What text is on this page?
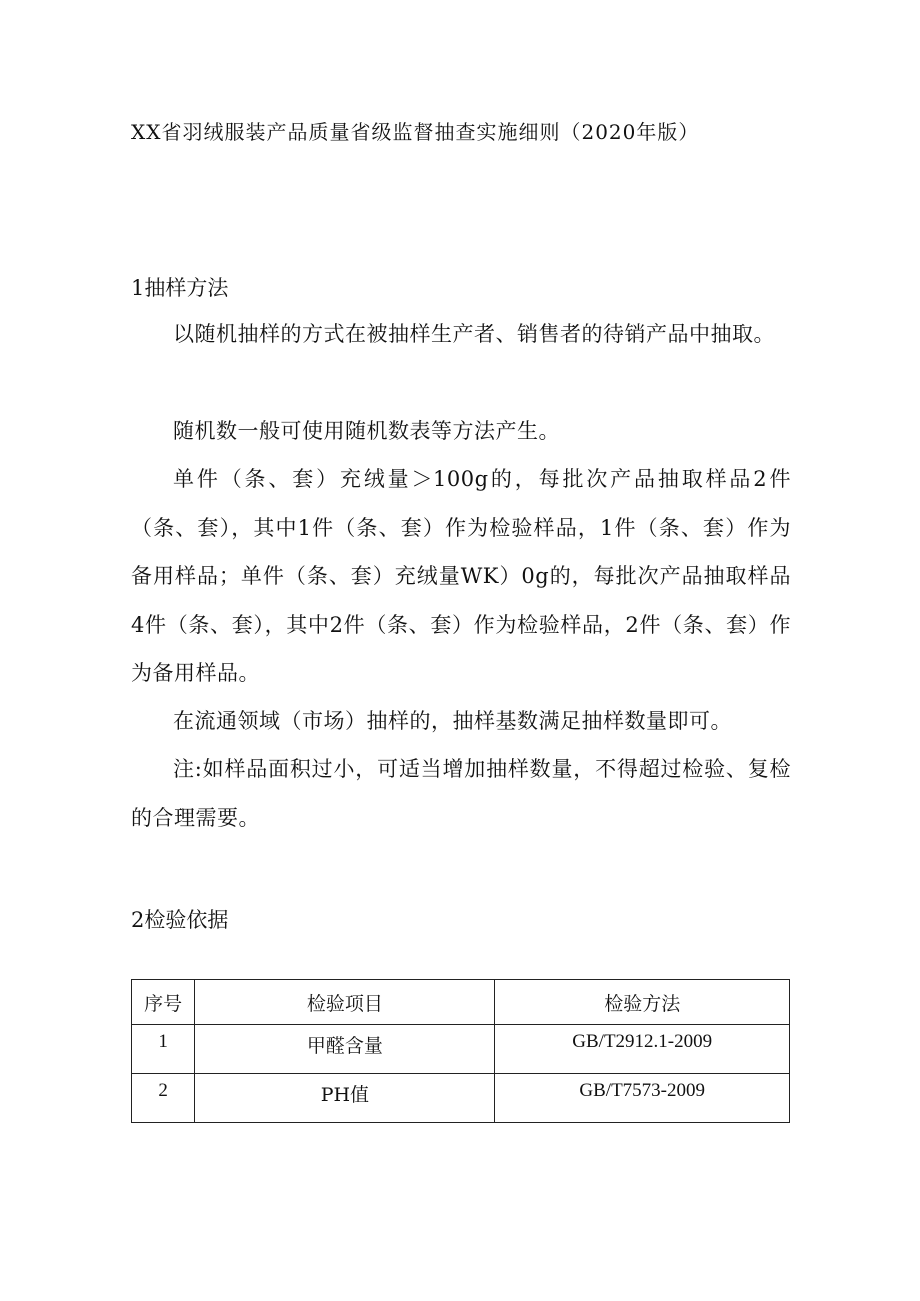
XX省羽绒服装产品质量省级监督抽查实施细则（2020年版）
1抽样方法

以随机抽样的方式在被抽样生产者、销售者的待销产品中抽取。

随机数一般可使用随机数表等方法产生。

单件（条、套）充绒量＞100g的，每批次产品抽取样品2件（条、套），其中1件（条、套）作为检验样品，1件（条、套）作为备用样品；单件（条、套）充绒量WK）0g的，每批次产品抽取样品4件（条、套），其中2件（条、套）作为检验样品，2件（条、套）作为备用样品。

在流通领域（市场）抽样的，抽样基数满足抽样数量即可。

注:如样品面积过小，可适当增加抽样数量，不得超过检验、复检的合理需要。

2检验依据
序号	检验项目	检验方法
1	甲醛含量	GB/T2912.1-2009
2	PH值	GB/T7573-2009
